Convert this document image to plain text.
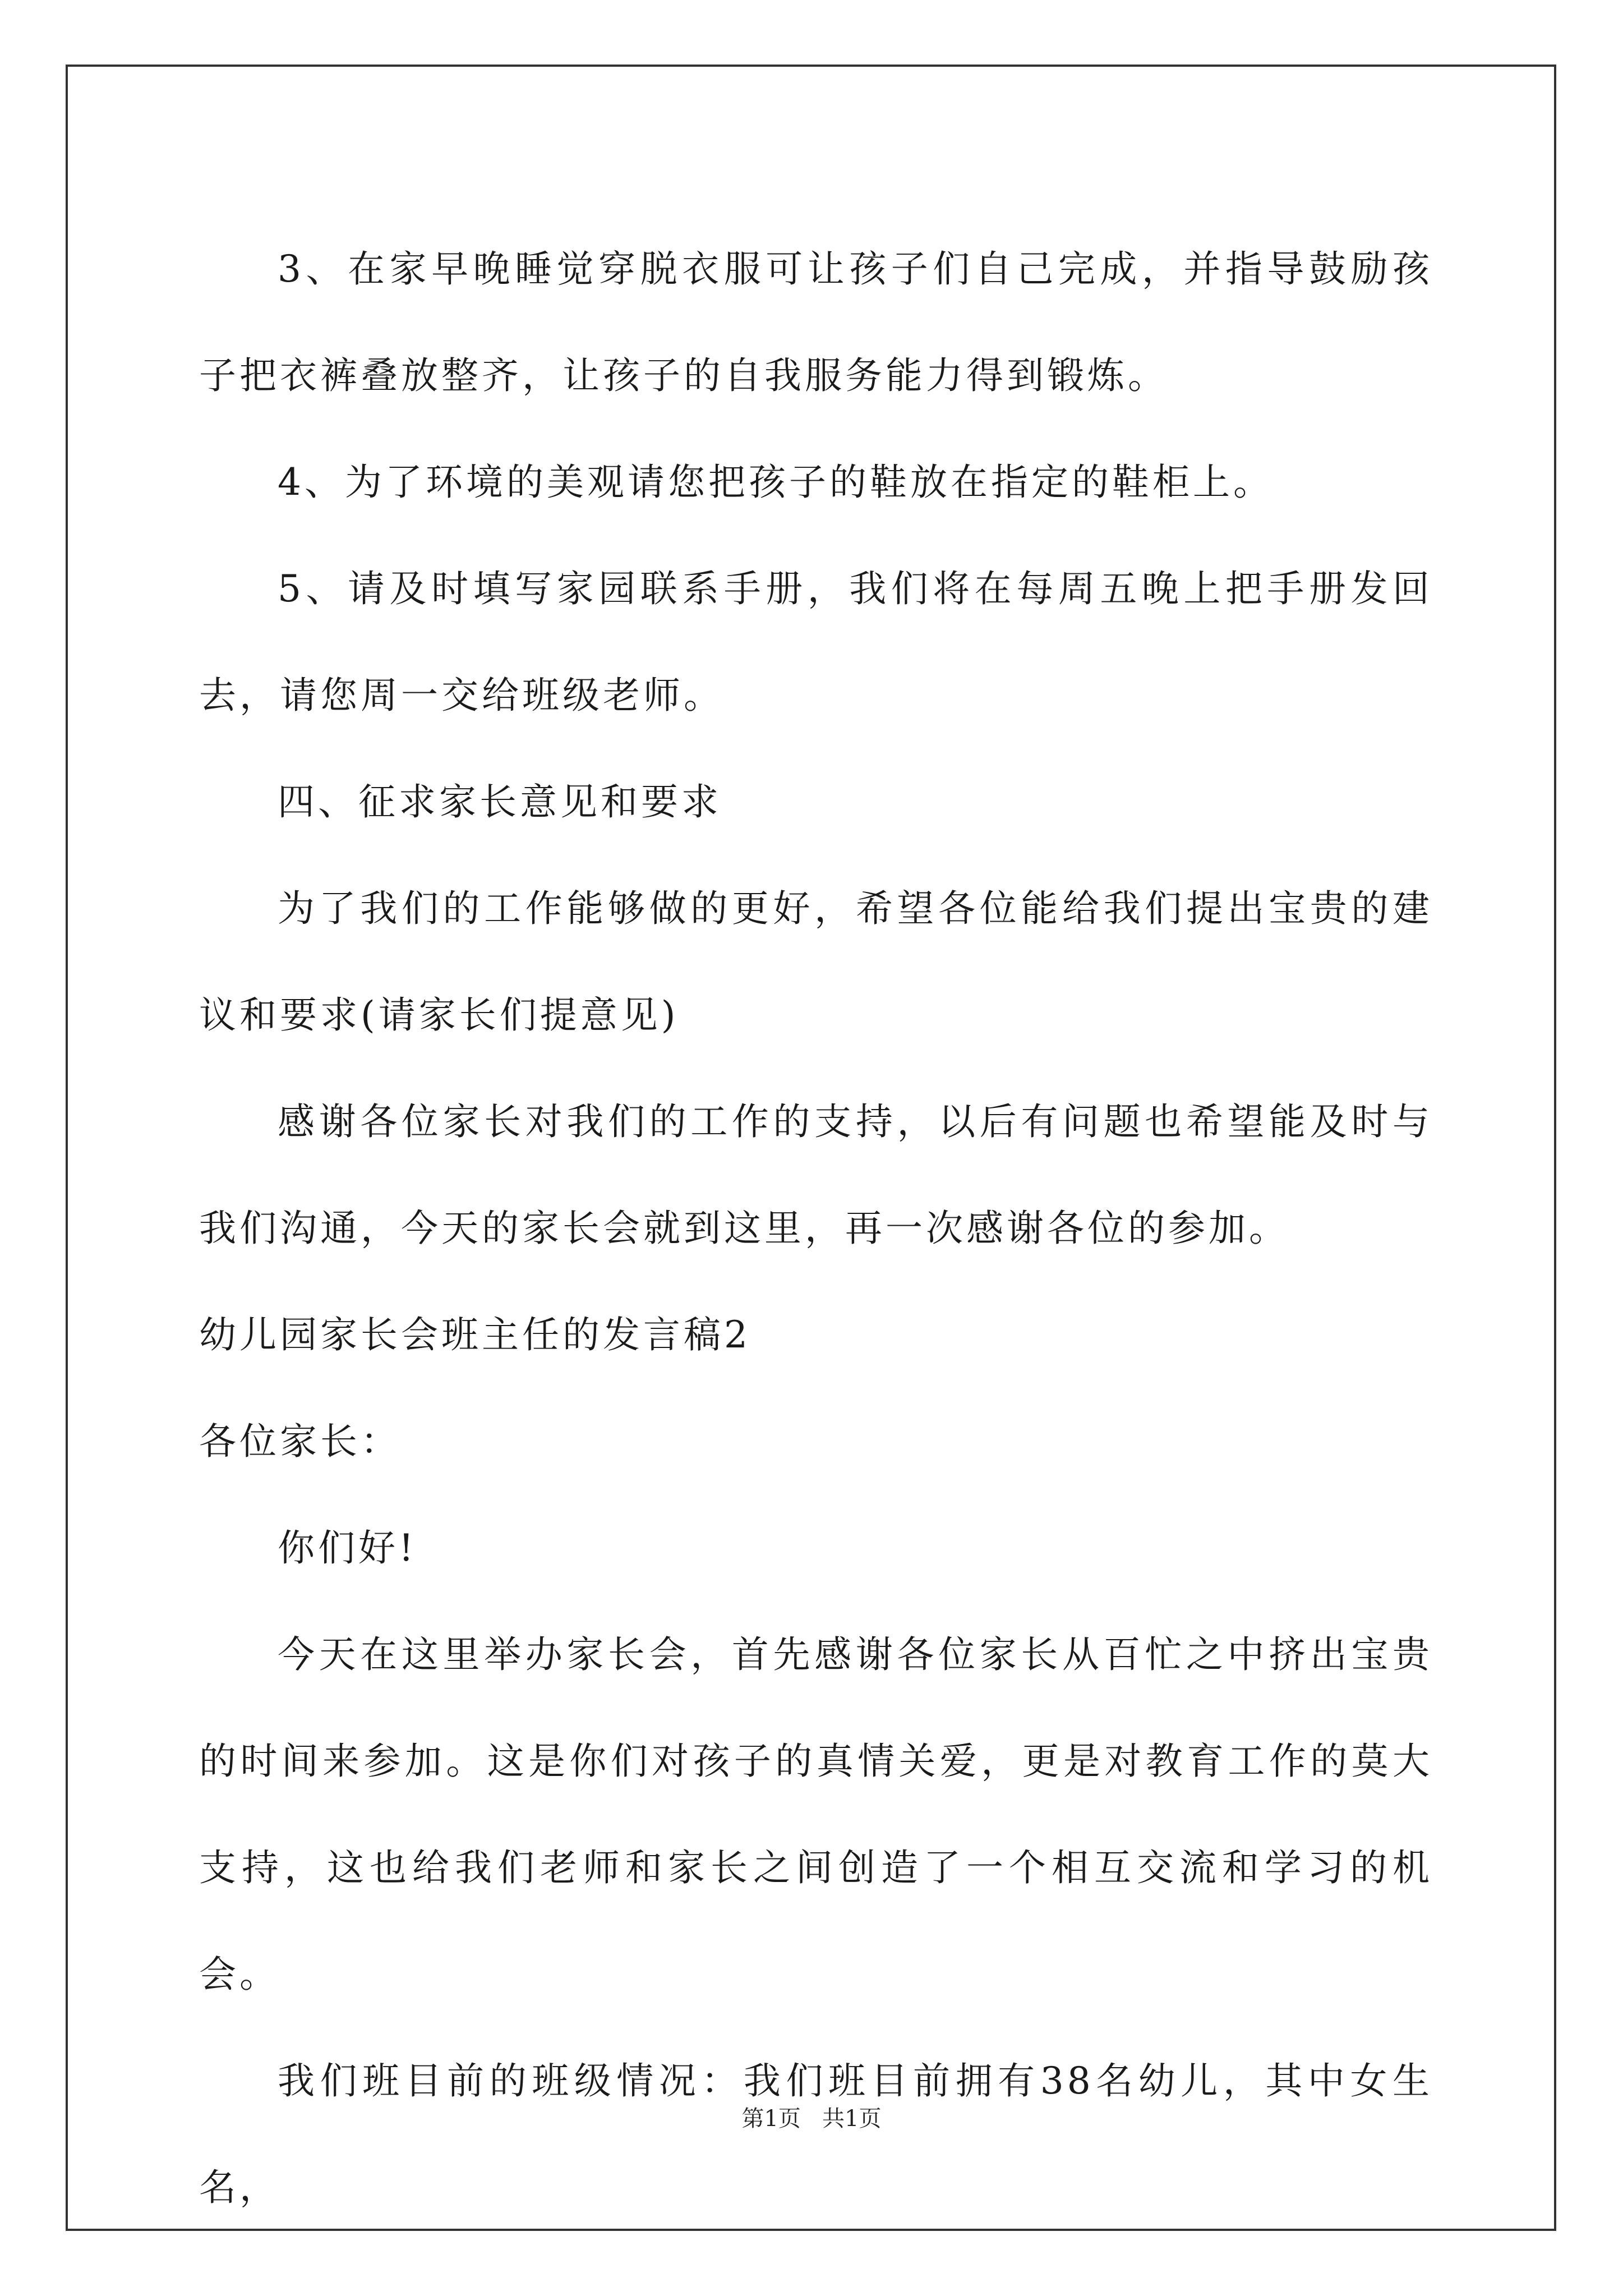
3、在家早晚睡觉穿脱衣服可让孩子们自己完成，并指导鼓励孩子把衣裤叠放整齐，让孩子的自我服务能力得到锻炼。

4、为了环境的美观请您把孩子的鞋放在指定的鞋柜上。

5、请及时填写家园联系手册，我们将在每周五晚上把手册发回去，请您周一交给班级老师。

四、征求家长意见和要求

为了我们的工作能够做的更好，希望各位能给我们提出宝贵的建议和要求(请家长们提意见)

感谢各位家长对我们的工作的支持，以后有问题也希望能及时与我们沟通，今天的家长会就到这里，再一次感谢各位的参加。

幼儿园家长会班主任的发言稿2

各位家长：

你们好!

今天在这里举办家长会，首先感谢各位家长从百忙之中挤出宝贵的时间来参加。这是你们对孩子的真情关爱，更是对教育工作的莫大支持，这也给我们老师和家长之间创造了一个相互交流和学习的机会。

我们班目前的班级情况：我们班目前拥有38名幼儿，其中女生名，

第1页   共1页
